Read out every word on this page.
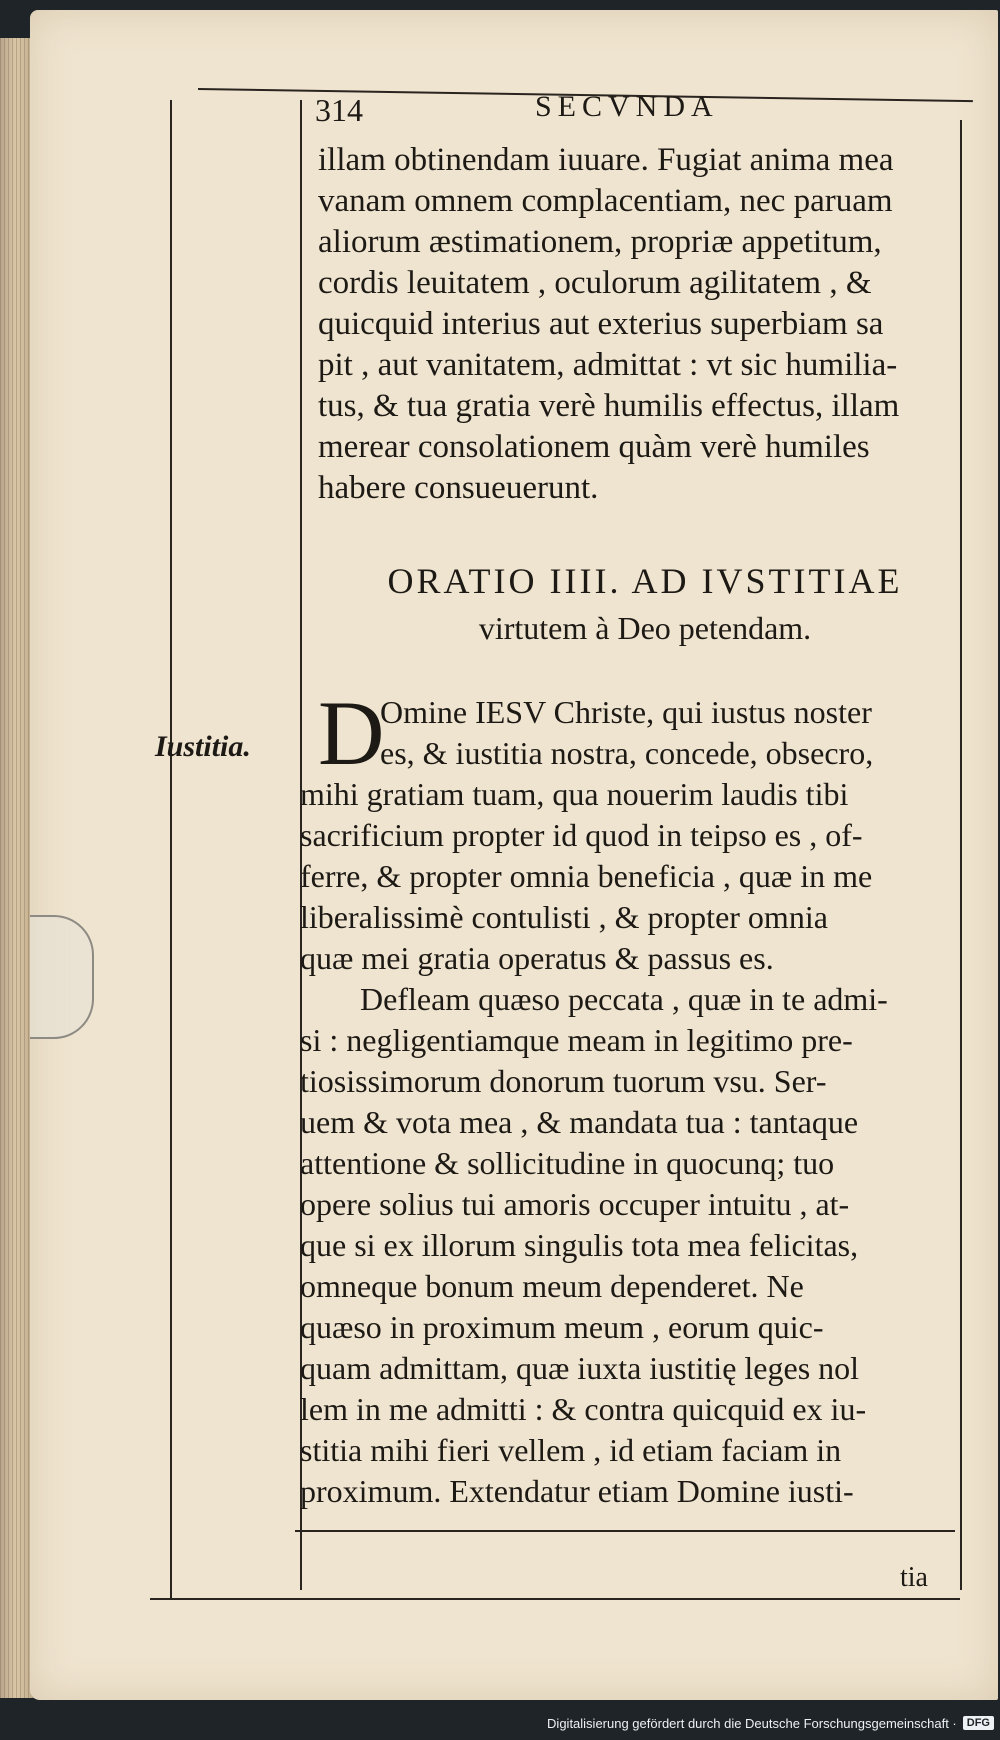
314	SECVNDA
illam obtinendam iuuare. Fugiat anima mea
vanam omnem complacentiam, nec paruam
aliorum æstimationem, propriæ appetitum,
cordis leuitatem , oculorum agilitatem , &
quicquid interius aut exterius superbiam sa
pit , aut vanitatem, admittat : vt sic humilia-
tus, & tua gratia verè humilis effectus, illam
merear consolationem quàm verè humiles
habere consueuerunt.
ORATIO IIII. AD IVSTITIAE
virtutem à Deo petendam.
Iustitia. D
Omine IESV Christe, qui iustus noster
es, & iustitia nostra, concede, obsecro,
mihi gratiam tuam, qua nouerim laudis tibi
sacrificium propter id quod in teipso es , of-
ferre, & propter omnia beneficia , quæ in me
liberalissimè contulisti , & propter omnia
quæ mei gratia operatus & passus es.
Defleam quæso peccata , quæ in te admi-
si : negligentiamque meam in legitimo pre-
tiosissimorum donorum tuorum vsu. Ser-
uem & vota mea , & mandata tua : tantaque
attentione & sollicitudine in quocunq; tuo
opere solius tui amoris occuper intuitu , at-
que si ex illorum singulis tota mea felicitas,
omneque bonum meum dependeret. Ne
quæso in proximum meum , eorum quic-
quam admittam, quæ iuxta iustitię leges nol
lem in me admitti : & contra quicquid ex iu-
stitia mihi fieri vellem , id etiam faciam in
proximum. Extendatur etiam Domine iusti-
tia
Digitalisierung gefördert durch die Deutsche Forschungsgemeinschaft · DFG
